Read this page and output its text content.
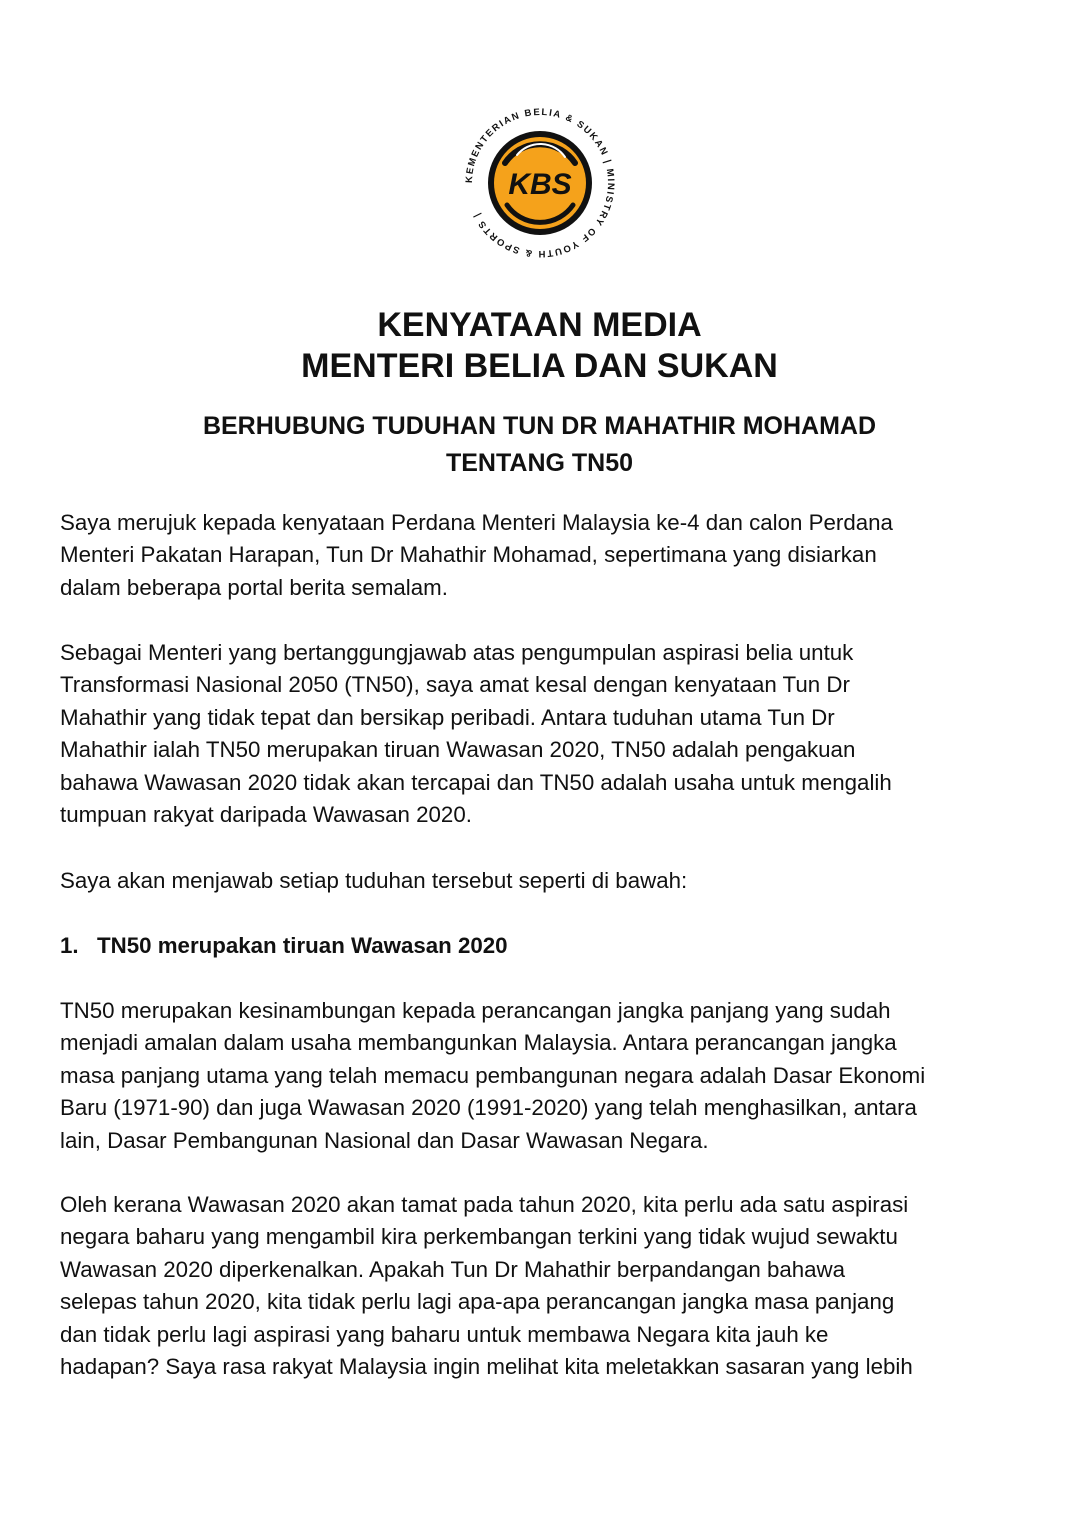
KEMENTERIAN BELIA & SUKAN | MINISTRY OF YOUTH & SPORTS |
KBS
KENYATAAN MEDIA
MENTERI BELIA DAN SUKAN
BERHUBUNG TUDUHAN TUN DR MAHATHIR MOHAMAD
TENTANG TN50

Saya merujuk kepada kenyataan Perdana Menteri Malaysia ke-4 dan calon Perdana
Menteri Pakatan Harapan, Tun Dr Mahathir Mohamad, sepertimana yang disiarkan
dalam beberapa portal berita semalam.

Sebagai Menteri yang bertanggungjawab atas pengumpulan aspirasi belia untuk
Transformasi Nasional 2050 (TN50), saya amat kesal dengan kenyataan Tun Dr
Mahathir yang tidak tepat dan bersikap peribadi. Antara tuduhan utama Tun Dr
Mahathir ialah TN50 merupakan tiruan Wawasan 2020, TN50 adalah pengakuan
bahawa Wawasan 2020 tidak akan tercapai dan TN50 adalah usaha untuk mengalih
tumpuan rakyat daripada Wawasan 2020.

Saya akan menjawab setiap tuduhan tersebut seperti di bawah:

1. TN50 merupakan tiruan Wawasan 2020

TN50 merupakan kesinambungan kepada perancangan jangka panjang yang sudah
menjadi amalan dalam usaha membangunkan Malaysia. Antara perancangan jangka
masa panjang utama yang telah memacu pembangunan negara adalah Dasar Ekonomi
Baru (1971-90) dan juga Wawasan 2020 (1991-2020) yang telah menghasilkan, antara
lain, Dasar Pembangunan Nasional dan Dasar Wawasan Negara.

Oleh kerana Wawasan 2020 akan tamat pada tahun 2020, kita perlu ada satu aspirasi
negara baharu yang mengambil kira perkembangan terkini yang tidak wujud sewaktu
Wawasan 2020 diperkenalkan. Apakah Tun Dr Mahathir berpandangan bahawa
selepas tahun 2020, kita tidak perlu lagi apa-apa perancangan jangka masa panjang
dan tidak perlu lagi aspirasi yang baharu untuk membawa Negara kita jauh ke
hadapan? Saya rasa rakyat Malaysia ingin melihat kita meletakkan sasaran yang lebih
